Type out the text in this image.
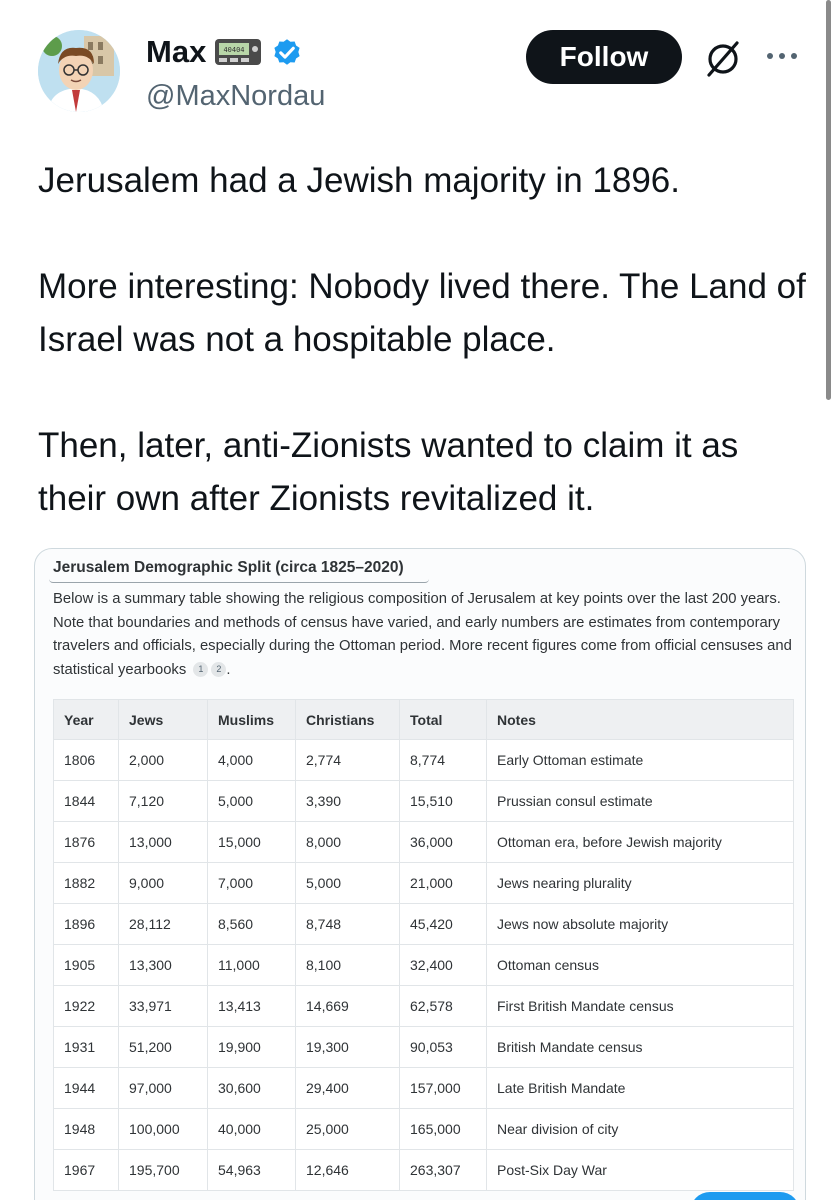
Max 40404
@MaxNordau
Follow

Jerusalem had a Jewish majority in 1896.

More interesting: Nobody lived there. The Land of Israel was not a hospitable place.

Then, later, anti-Zionists wanted to claim it as their own after Zionists revitalized it.

Jerusalem Demographic Split (circa 1825–2020)
Below is a summary table showing the religious composition of Jerusalem at key points over the last 200 years. Note that boundaries and methods of census have varied, and early numbers are estimates from contemporary travelers and officials, especially during the Ottoman period. More recent figures come from official censuses and statistical yearbooks 1 2 .
Year	Jews	Muslims	Christians	Total	Notes
1806	2,000	4,000	2,774	8,774	Early Ottoman estimate
1844	7,120	5,000	3,390	15,510	Prussian consul estimate
1876	13,000	15,000	8,000	36,000	Ottoman era, before Jewish majority
1882	9,000	7,000	5,000	21,000	Jews nearing plurality
1896	28,112	8,560	8,748	45,420	Jews now absolute majority
1905	13,300	11,000	8,100	32,400	Ottoman census
1922	33,971	13,413	14,669	62,578	First British Mandate census
1931	51,200	19,900	19,300	90,053	British Mandate census
1944	97,000	30,600	29,400	157,000	Late British Mandate
1948	100,000	40,000	25,000	165,000	Near division of city
1967	195,700	54,963	12,646	263,307	Post-Six Day War
